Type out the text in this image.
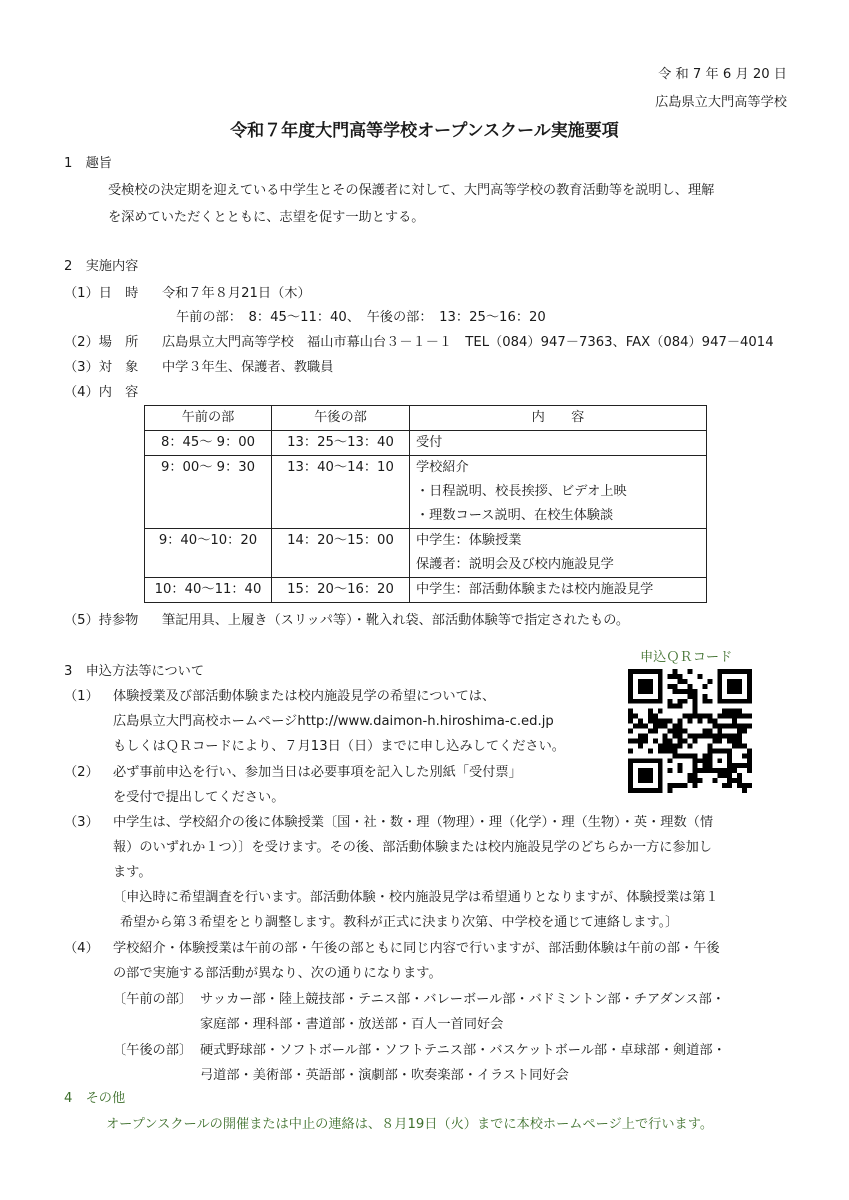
令 和 7 年 6 月 20 日
広島県立大門高等学校
令和７年度大門高等学校オープンスクール実施要項
1　趣旨
受検校の決定期を迎えている中学生とその保護者に対して、大門高等学校の教育活動等を説明し、理解
を深めていただくとともに、志望を促す一助とする。
2　実施内容
（1）日　時 令和７年８月21日（木）
午前の部：　8：45～11：40、　午後の部：　13：25～16：20
（2）場　所 広島県立大門高等学校　福山市幕山台３－１－１　TEL（084）947－7363、FAX（084）947－4014
（3）対　象 中学３年生、保護者、教職員
（4）内　容
午前の部	午後の部	内　　容

8：45～ 9：00	13：25～13：40	受付

9：00～ 9：30	13：40～14：10	学校紹介
・日程説明、校長挨拶、ビデオ上映
・理数コース説明、在校生体験談

9：40～10：20	14：20～15：00	中学生：体験授業
保護者：説明会及び校内施設見学

10：40～11：40	15：20～16：20	中学生：部活動体験または校内施設見学
（5）持参物 筆記用具、上履き（スリッパ等）・靴入れ袋、部活動体験等で指定されたもの。
3　申込方法等について
申込ＱＲコード
（1） 体験授業及び部活動体験または校内施設見学の希望については、
広島県立大門高校ホームページhttp://www.daimon-h.hiroshima-c.ed.jp
もしくはＱＲコードにより、７月13日（日）までに申し込みしてください。
（2） 必ず事前申込を行い、参加当日は必要事項を記入した別紙「受付票」
を受付で提出してください。
（3） 中学生は、学校紹介の後に体験授業〔国・社・数・理（物理）・理（化学）・理（生物）・英・理数（情
報）のいずれか１つ）〕を受けます。その後、部活動体験または校内施設見学のどちらか一方に参加し
ます。
〔申込時に希望調査を行います。部活動体験・校内施設見学は希望通りとなりますが、体験授業は第１
希望から第３希望をとり調整します。教科が正式に決まり次第、中学校を通じて連絡します。〕
（4） 学校紹介・体験授業は午前の部・午後の部ともに同じ内容で行いますが、部活動体験は午前の部・午後
の部で実施する部活動が異なり、次の通りになります。
〔午前の部〕 サッカー部・陸上競技部・テニス部・バレーボール部・バドミントン部・チアダンス部・
家庭部・理科部・書道部・放送部・百人一首同好会
〔午後の部〕 硬式野球部・ソフトボール部・ソフトテニス部・バスケットボール部・卓球部・剣道部・
弓道部・美術部・英語部・演劇部・吹奏楽部・イラスト同好会
4　その他
オープンスクールの開催または中止の連絡は、８月19日（火）までに本校ホームページ上で行います。
